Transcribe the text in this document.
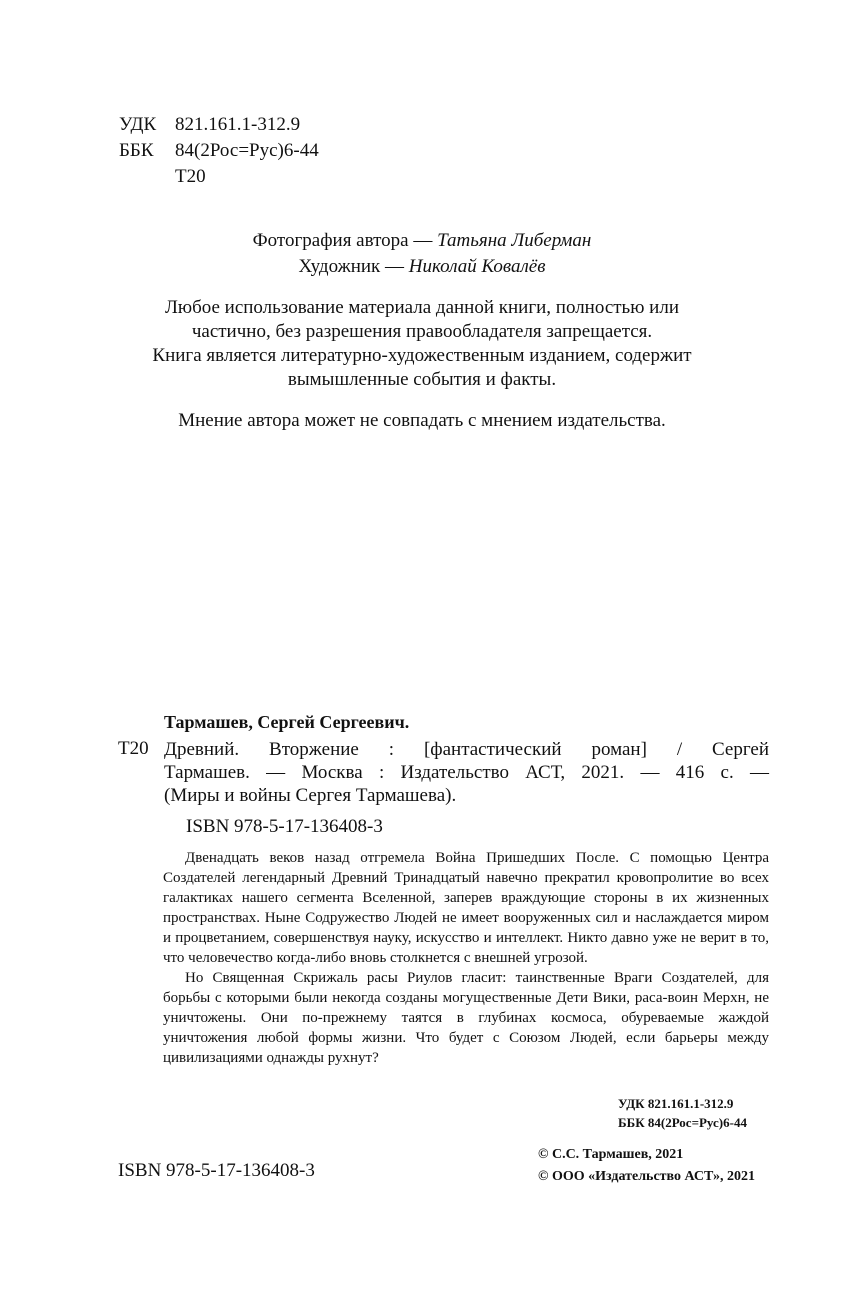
УДК 821.161.1-312.9
ББК 84(2Рос=Рус)6-44
Т20
Фотография автора — Татьяна Либерман
Художник — Николай Ковалёв
Любое использование материала данной книги, полностью или
частично, без разрешения правообладателя запрещается.
Книга является литературно-художественным изданием, содержит
вымышленные события и факты.
Мнение автора может не совпадать с мнением издательства.
Тармашев, Сергей Сергеевич.
Т20 Древний. Вторжение : [фантастический роман] / Сергей

Тармашев. — Москва : Издательство АСТ, 2021. — 416 с. —

(Миры и войны Сергея Тармашева).

ISBN 978-5-17-136408-3

Двенадцать веков назад отгремела Война Пришедших После. С помощью Центра Создателей легендарный Древний Тринадцатый навечно прекратил кровопролитие во всех галактиках нашего сегмента Вселенной, заперев враждующие стороны в их жизненных пространствах. Ныне Содружество Людей не имеет вооруженных сил и наслаждается миром и процветанием, совершенствуя науку, искусство и интеллект. Никто давно уже не верит в то, что человечество когда-либо вновь столкнется с внешней угрозой.

Но Священная Скрижаль расы Риулов гласит: таинственные Враги Создателей, для борьбы с которыми были некогда созданы могущественные Дети Вики, раса-воин Мерхн, не уничтожены. Они по-прежнему таятся в глубинах космоса, обуреваемые жаждой уничтожения любой формы жизни. Что будет с Союзом Людей, если барьеры между цивилизациями однажды рухнут?

УДК 821.161.1-312.9
ББК 84(2Рос=Рус)6-44
ISBN 978-5-17-136408-3
© С.С. Тармашев, 2021
© ООО «Издательство АСТ», 2021
